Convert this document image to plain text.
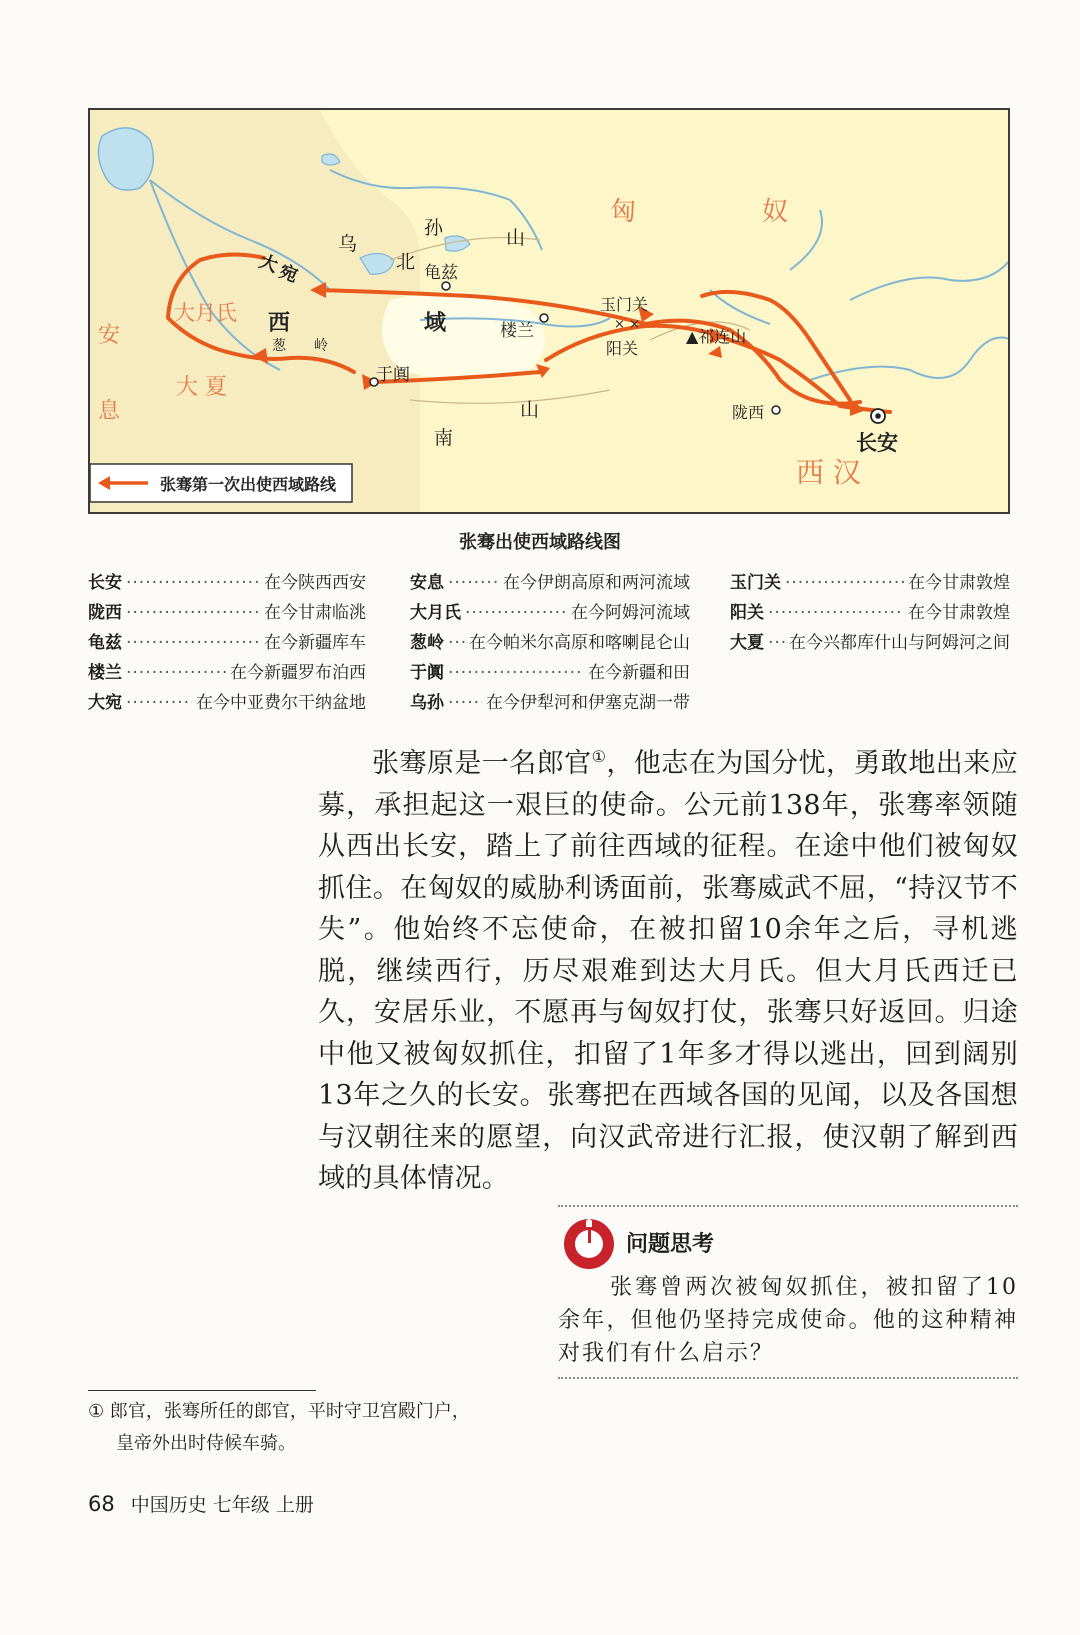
× ×
匈	奴
乌
孙	山
北 龟兹
大
宛
大月氏 西	域
葱 岭
楼兰
玉门关
阳关
▲祁连山
安
息
大 夏	于阗
山
南
陇西
长安
西 汉
张骞第一次出使西域路线
张骞出使西域路线图
长安 ·····	在今陕西西安
陇西 ·····	在今甘肃临洮
龟兹 ·····	在今新疆库车
楼兰 ·····	在今新疆罗布泊西
大宛 ·····	在今中亚费尔干纳盆地
安息 ·····	在今伊朗高原和两河流域
大月氏 ·····	在今阿姆河流域
葱岭 ····· 在今帕米尔高原和喀喇昆仑山
于阗 ·····	在今新疆和田
乌孙 ····· 在今伊犁河和伊塞克湖一带
玉门关 ·····	在今甘肃敦煌
阳关 ·····	在今甘肃敦煌
大夏 ····· 在今兴都库什山与阿姆河之间
张骞原是一名郎官①，他志在为国分忧，勇敢地出来应募，承担起这一艰巨的使命。公元前138年，张骞率领随从西出长安，踏上了前往西域的征程。在途中他们被匈奴抓住。在匈奴的威胁利诱面前，张骞威武不屈，“持汉节不失”。他始终不忘使命，在被扣留10余年之后，寻机逃脱，继续西行，历尽艰难到达大月氏。但大月氏西迁已久，安居乐业，不愿再与匈奴打仗，张骞只好返回。归途中他又被匈奴抓住，扣留了1年多才得以逃出，回到阔别13年之久的长安。张骞把在西域各国的见闻，以及各国想与汉朝往来的愿望，向汉武帝进行汇报，使汉朝了解到西域的具体情况。
问题思考
张骞曾两次被匈奴抓住，被扣留了10余年，但他仍坚持完成使命。他的这种精神对我们有什么启示？
① 郎官，张骞所任的郎官，平时守卫宫殿门户，
皇帝外出时侍候车骑。
68 中国历史 七年级 上册
